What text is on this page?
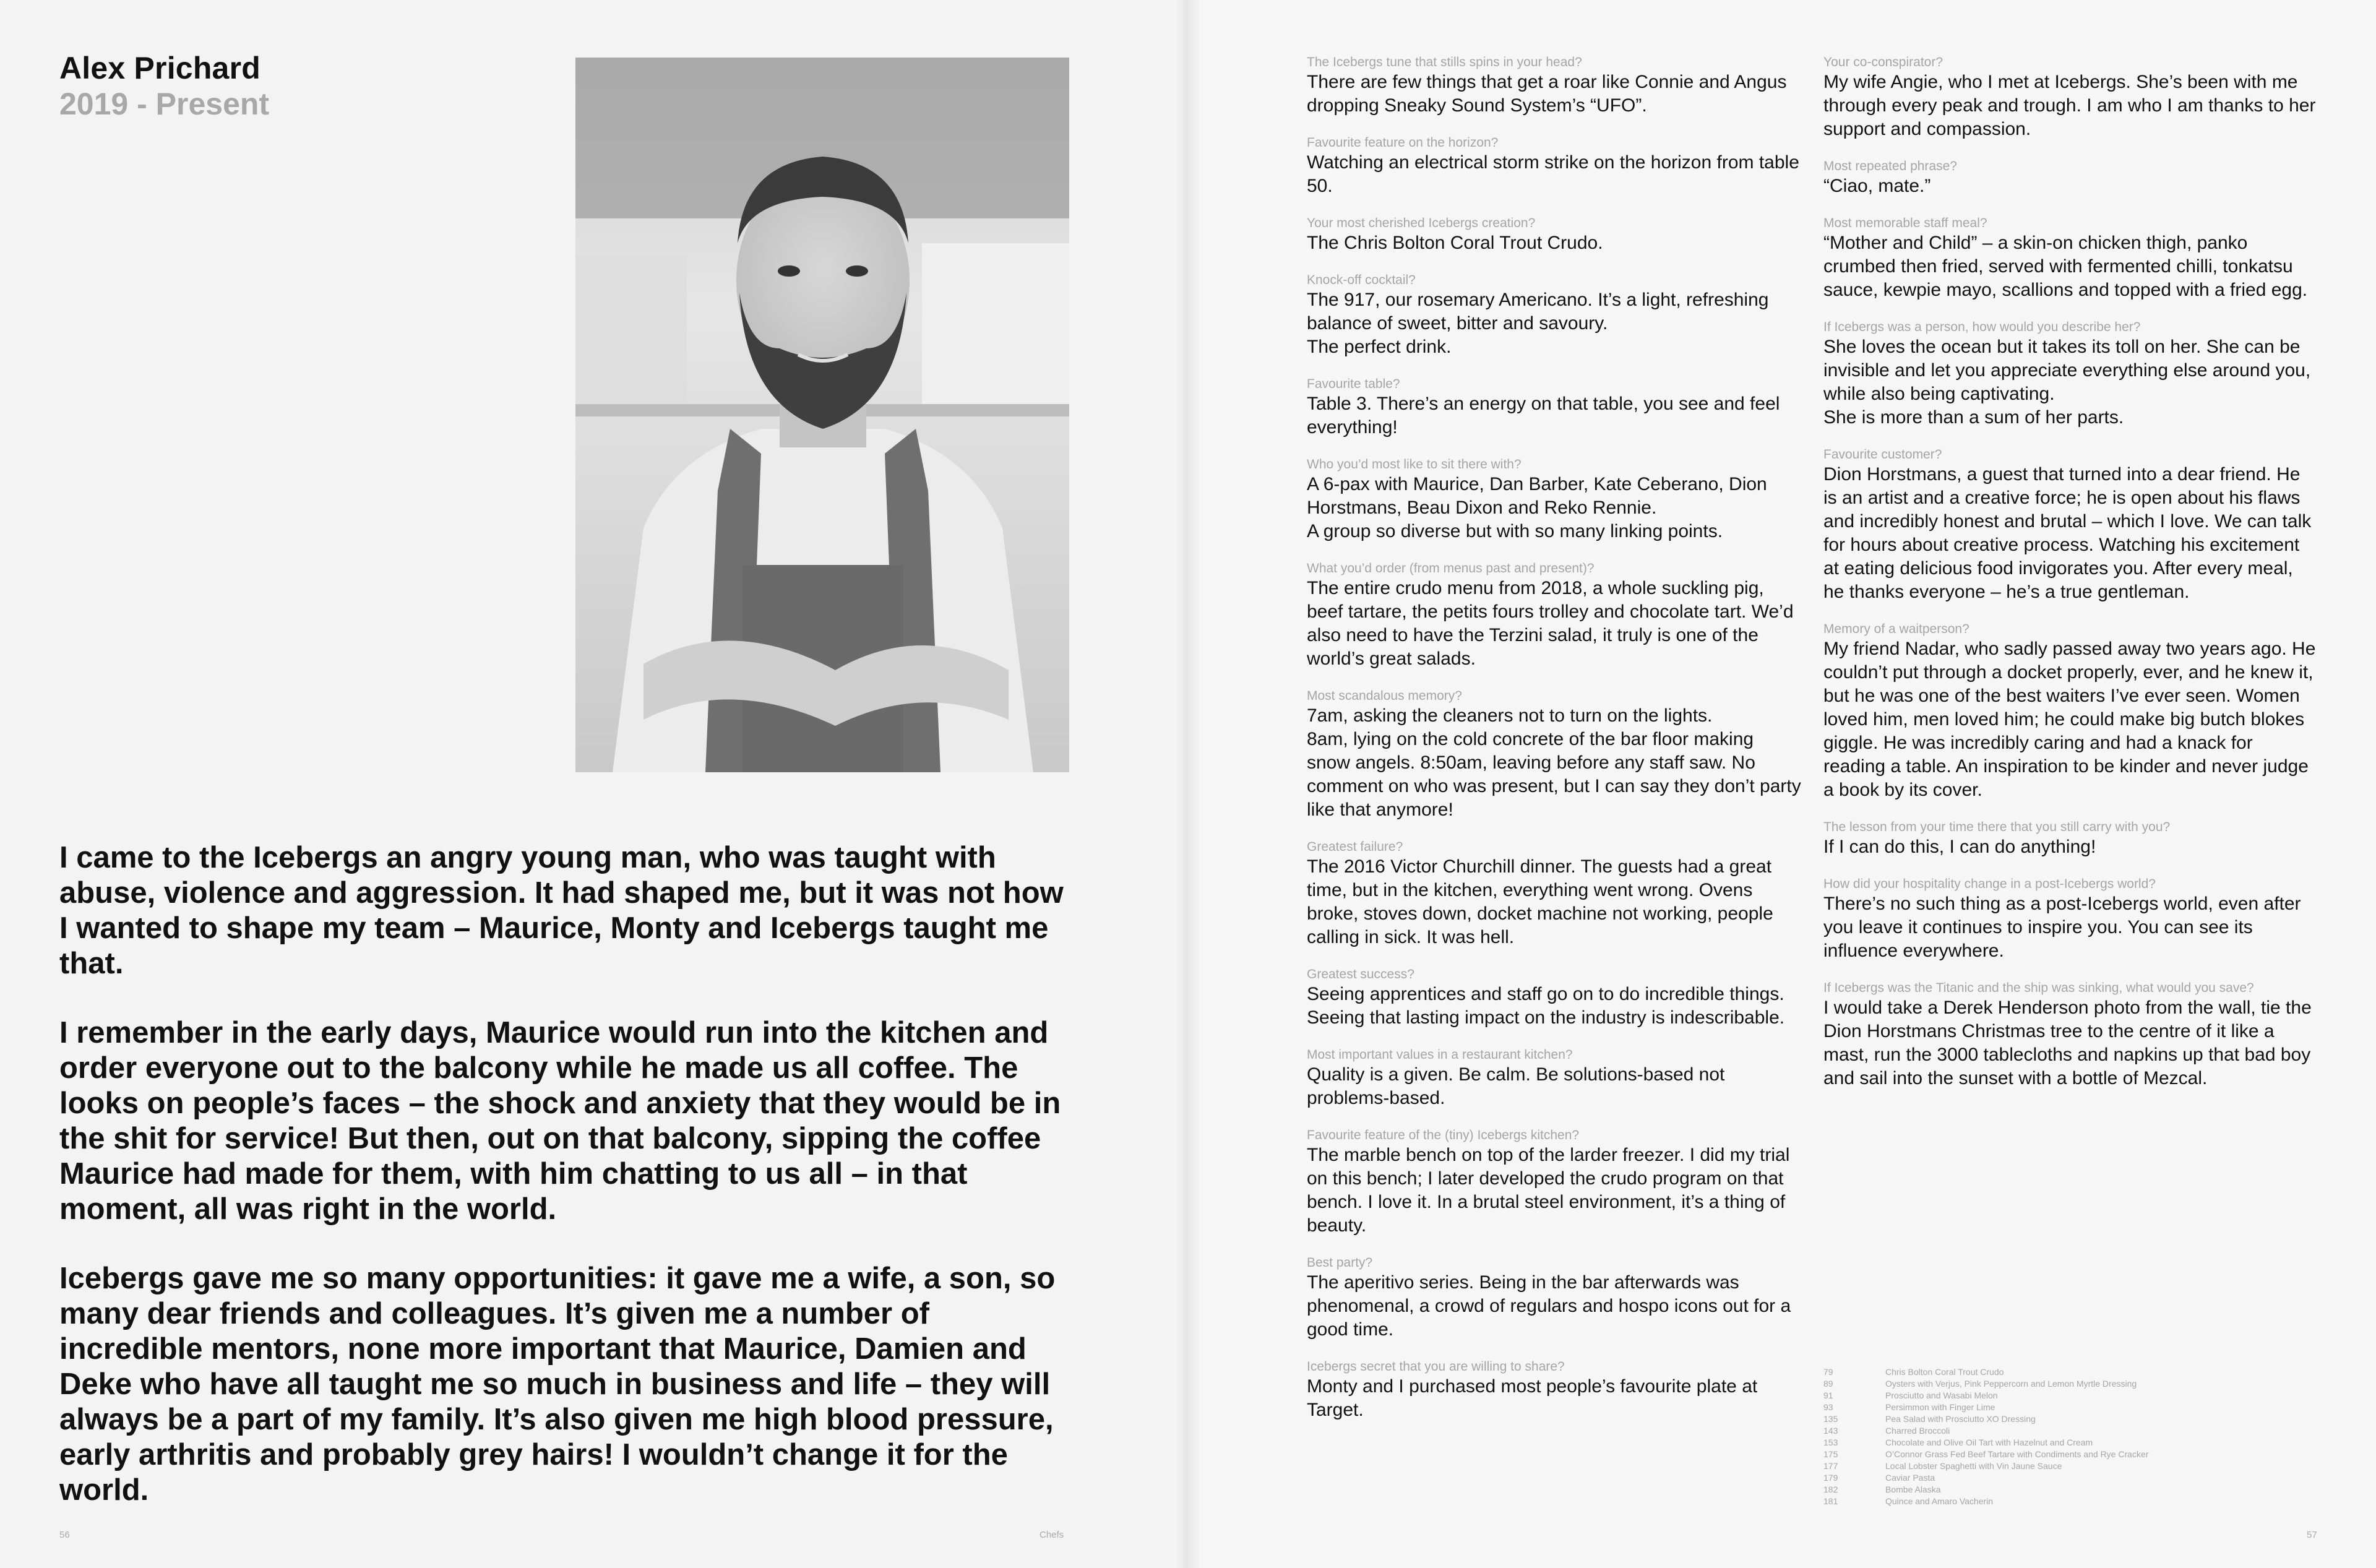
Alex Prichard
2019 - Present

I came to the Icebergs an angry young man, who was taught with abuse, violence and aggression. It had shaped me, but it was not how I wanted to shape my team – Maurice, Monty and Icebergs taught me that.

I remember in the early days, Maurice would run into the kitchen and order everyone out to the balcony while he made us all coffee. The looks on people’s faces – the shock and anxiety that they would be in the shit for service! But then, out on that balcony, sipping the coffee Maurice had made for them, with him chatting to us all – in that moment, all was right in the world.

Icebergs gave me so many opportunities: it gave me a wife, a son, so many dear friends and colleagues. It’s given me a number of incredible mentors, none more important that Maurice, Damien and Deke who have all taught me so much in business and life – they will always be a part of my family. It’s also given me high blood pressure, early arthritis and probably grey hairs! I wouldn’t change it for the world.

56	Chefs
The Icebergs tune that stills spins in your head?
There are few things that get a roar like Connie and Angus dropping Sneaky Sound System’s “UFO”.
Favourite feature on the horizon?
Watching an electrical storm strike on the horizon from table 50.
Your most cherished Icebergs creation?
The Chris Bolton Coral Trout Crudo.
Knock-off cocktail?
The 917, our rosemary Americano. It’s a light, refreshing balance of sweet, bitter and savoury.
The perfect drink.
Favourite table?
Table 3. There’s an energy on that table, you see and feel everything!
Who you’d most like to sit there with?
A 6-pax with Maurice, Dan Barber, Kate Ceberano, Dion Horstmans, Beau Dixon and Reko Rennie.
A group so diverse but with so many linking points.
What you’d order (from menus past and present)?
The entire crudo menu from 2018, a whole suckling pig, beef tartare, the petits fours trolley and chocolate tart. We’d also need to have the Terzini salad, it truly is one of the world’s great salads.
Most scandalous memory?
7am, asking the cleaners not to turn on the lights.
8am, lying on the cold concrete of the bar floor making snow angels. 8:50am, leaving before any staff saw. No comment on who was present, but I can say they don’t party like that anymore!
Greatest failure?
The 2016 Victor Churchill dinner. The guests had a great time, but in the kitchen, everything went wrong. Ovens broke, stoves down, docket machine not working, people calling in sick. It was hell.
Greatest success?
Seeing apprentices and staff go on to do incredible things. Seeing that lasting impact on the industry is indescribable.
Most important values in a restaurant kitchen?
Quality is a given. Be calm. Be solutions-based not problems-based.
Favourite feature of the (tiny) Icebergs kitchen?
The marble bench on top of the larder freezer. I did my trial on this bench; I later developed the crudo program on that bench. I love it. In a brutal steel environment, it’s a thing of beauty.
Best party?
The aperitivo series. Being in the bar afterwards was phenomenal, a crowd of regulars and hospo icons out for a good time.
Icebergs secret that you are willing to share?
Monty and I purchased most people’s favourite plate at Target.
Your co-conspirator?
My wife Angie, who I met at Icebergs. She’s been with me through every peak and trough. I am who I am thanks to her support and compassion.
Most repeated phrase?
“Ciao, mate.”
Most memorable staff meal?
“Mother and Child” – a skin-on chicken thigh, panko crumbed then fried, served with fermented chilli, tonkatsu sauce, kewpie mayo, scallions and topped with a fried egg.
If Icebergs was a person, how would you describe her?
She loves the ocean but it takes its toll on her. She can be invisible and let you appreciate everything else around you, while also being captivating.
She is more than a sum of her parts.
Favourite customer?
Dion Horstmans, a guest that turned into a dear friend. He is an artist and a creative force; he is open about his flaws and incredibly honest and brutal – which I love. We can talk for hours about creative process. Watching his excitement at eating delicious food invigorates you. After every meal, he thanks everyone – he’s a true gentleman.
Memory of a waitperson?
My friend Nadar, who sadly passed away two years ago. He couldn’t put through a docket properly, ever, and he knew it, but he was one of the best waiters I’ve ever seen. Women loved him, men loved him; he could make big butch blokes giggle. He was incredibly caring and had a knack for reading a table. An inspiration to be kinder and never judge a book by its cover.
The lesson from your time there that you still carry with you?
If I can do this, I can do anything!
How did your hospitality change in a post-Icebergs world?
There’s no such thing as a post-Icebergs world, even after you leave it continues to inspire you. You can see its influence everywhere.
If Icebergs was the Titanic and the ship was sinking, what would you save?
I would take a Derek Henderson photo from the wall, tie the Dion Horstmans Christmas tree to the centre of it like a mast, run the 3000 tablecloths and napkins up that bad boy and sail into the sunset with a bottle of Mezcal.
79	Chris Bolton Coral Trout Crudo
89	Oysters with Verjus, Pink Peppercorn and Lemon Myrtle Dressing
91	Prosciutto and Wasabi Melon
93	Persimmon with Finger Lime
135	Pea Salad with Prosciutto XO Dressing
143	Charred Broccoli
153	Chocolate and Olive Oil Tart with Hazelnut and Cream
175	O’Connor Grass Fed Beef Tartare with Condiments and Rye Cracker
177	Local Lobster Spaghetti with Vin Jaune Sauce
179	Caviar Pasta
182	Bombe Alaska
181	Quince and Amaro Vacherin
57
